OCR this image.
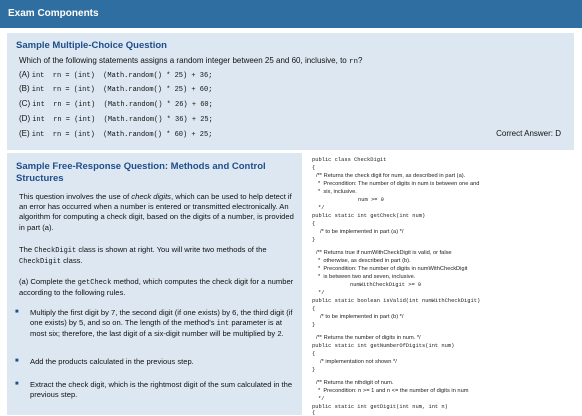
Exam Components
Sample Multiple-Choice Question
Which of the following statements assigns a random integer between 25 and 60, inclusive, to rn?
(A) int  rn = (int)  (Math.random() * 25) + 36;
(B) int  rn = (int)  (Math.random() * 25) + 60;
(C) int  rn = (int)  (Math.random() * 26) + 60;
(D) int  rn = (int)  (Math.random() * 36) + 25;
(E) int  rn = (int)  (Math.random() * 60) + 25;	Correct Answer: D
Sample Free-Response Question: Methods and Control Structures
This question involves the use of check digits, which can be used to help detect if an error has occurred when a number is entered or transmitted electronically. An algorithm for computing a check digit, based on the digits of a number, is provided in part (a).
The CheckDigit class is shown at right. You will write two methods of the CheckDigit class.
(a) Complete the getCheck method, which computes the check digit for a number according to the following rules.
■	Multiply the first digit by 7, the second digit (if one exists) by 6, the third digit (if one exists) by 5, and so on. The length of the method's int parameter is at most six; therefore, the last digit of a six-digit number will be multiplied by 2.
■	Add the products calculated in the previous step.
■	Extract the check digit, which is the rightmost digit of the sum calculated in the previous step.
public class CheckDigit
{
/** Returns the check digit for num, as described in part (a).
*  Precondition: The number of digits in num is between one and
*  six, inclusive.
num >= 0
*/
public static int getCheck(int num)
{
/* to be implemented in part (a) */
}
/** Returns true if numWithCheckDigit is valid, or false
*  otherwise, as described in part (b).
*  Precondition: The number of digits in numWithCheckDigit
*  is between two and seven, inclusive.
numWithCheckDigit >= 0
*/
public static boolean isValid(int numWithCheckDigit)
{
/* to be implemented in part (b) */
}
/** Returns the number of digits in num. */
public static int getNumberOfDigits(int num)
{
/* implementation not shown */
}
/** Returns the nthdigit of num.
*  Precondition: n >= 1 and n <= the number of digits in num
*/
public static int getDigit(int num, int n)
{
